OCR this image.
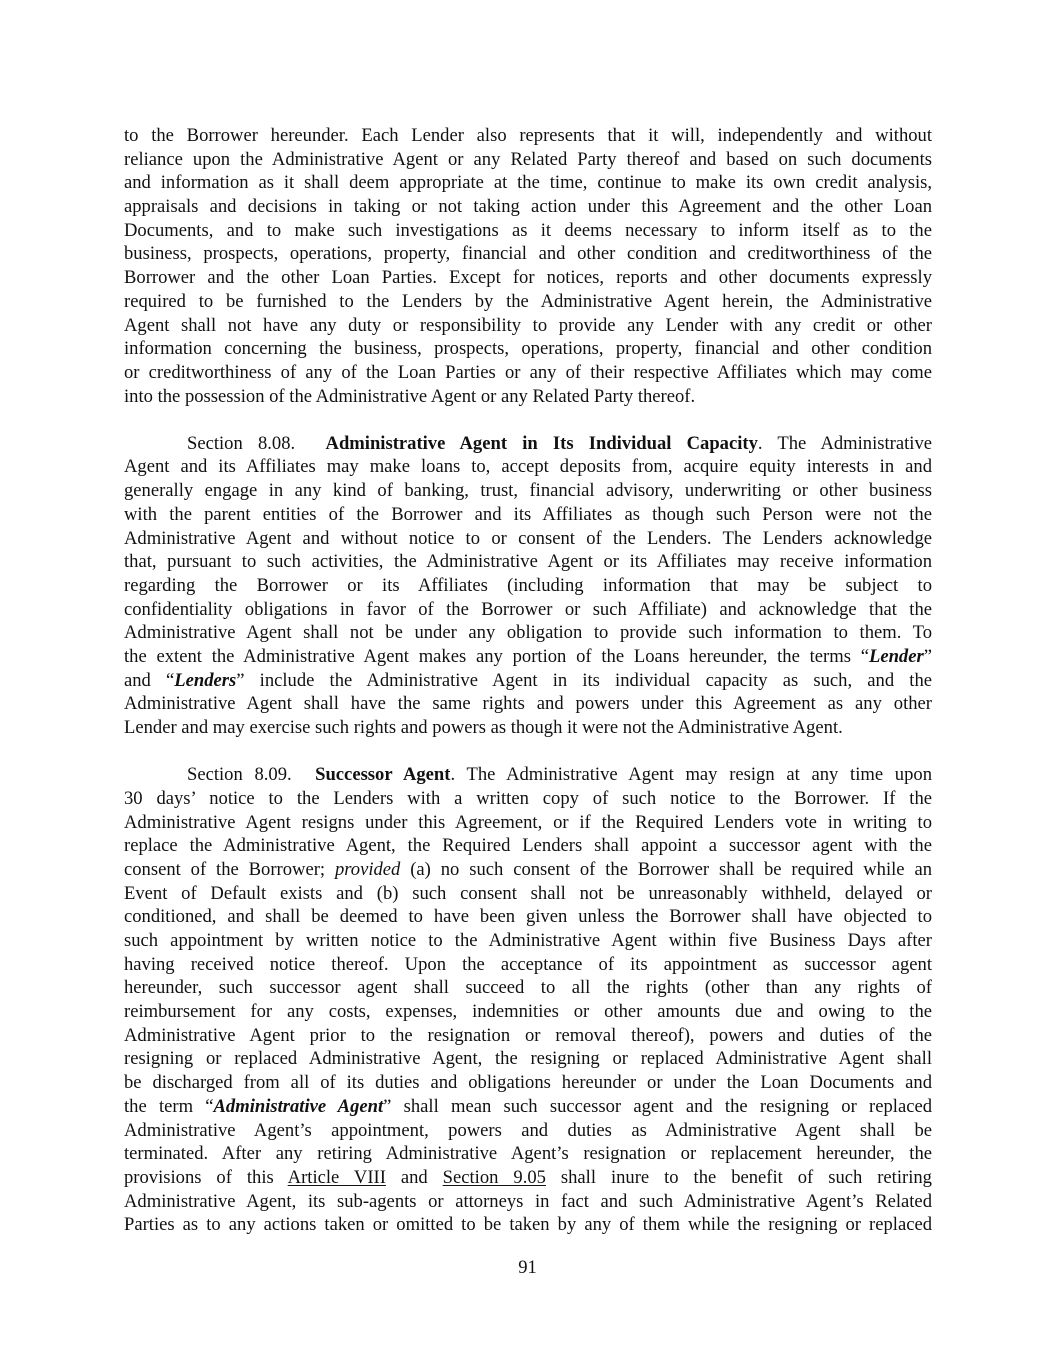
to the Borrower hereunder. Each Lender also represents that it will, independently and without
reliance upon the Administrative Agent or any Related Party thereof and based on such documents
and information as it shall deem appropriate at the time, continue to make its own credit analysis,
appraisals and decisions in taking or not taking action under this Agreement and the other Loan
Documents, and to make such investigations as it deems necessary to inform itself as to the
business, prospects, operations, property, financial and other condition and creditworthiness of the
Borrower and the other Loan Parties. Except for notices, reports and other documents expressly
required to be furnished to the Lenders by the Administrative Agent herein, the Administrative
Agent shall not have any duty or responsibility to provide any Lender with any credit or other
information concerning the business, prospects, operations, property, financial and other condition
or creditworthiness of any of the Loan Parties or any of their respective Affiliates which may come
into the possession of the Administrative Agent or any Related Party thereof.

Section 8.08. Administrative Agent in Its Individual Capacity. The Administrative
Agent and its Affiliates may make loans to, accept deposits from, acquire equity interests in and
generally engage in any kind of banking, trust, financial advisory, underwriting or other business
with the parent entities of the Borrower and its Affiliates as though such Person were not the
Administrative Agent and without notice to or consent of the Lenders. The Lenders acknowledge
that, pursuant to such activities, the Administrative Agent or its Affiliates may receive information
regarding the Borrower or its Affiliates (including information that may be subject to
confidentiality obligations in favor of the Borrower or such Affiliate) and acknowledge that the
Administrative Agent shall not be under any obligation to provide such information to them. To
the extent the Administrative Agent makes any portion of the Loans hereunder, the terms “Lender”
and “Lenders” include the Administrative Agent in its individual capacity as such, and the
Administrative Agent shall have the same rights and powers under this Agreement as any other
Lender and may exercise such rights and powers as though it were not the Administrative Agent.

Section 8.09. Successor Agent. The Administrative Agent may resign at any time upon
30 days’ notice to the Lenders with a written copy of such notice to the Borrower. If the
Administrative Agent resigns under this Agreement, or if the Required Lenders vote in writing to
replace the Administrative Agent, the Required Lenders shall appoint a successor agent with the
consent of the Borrower; provided (a) no such consent of the Borrower shall be required while an
Event of Default exists and (b) such consent shall not be unreasonably withheld, delayed or
conditioned, and shall be deemed to have been given unless the Borrower shall have objected to
such appointment by written notice to the Administrative Agent within five Business Days after
having received notice thereof. Upon the acceptance of its appointment as successor agent
hereunder, such successor agent shall succeed to all the rights (other than any rights of
reimbursement for any costs, expenses, indemnities or other amounts due and owing to the
Administrative Agent prior to the resignation or removal thereof), powers and duties of the
resigning or replaced Administrative Agent, the resigning or replaced Administrative Agent shall
be discharged from all of its duties and obligations hereunder or under the Loan Documents and
the term “Administrative Agent” shall mean such successor agent and the resigning or replaced
Administrative Agent’s appointment, powers and duties as Administrative Agent shall be
terminated. After any retiring Administrative Agent’s resignation or replacement hereunder, the
provisions of this Article VIII and Section 9.05 shall inure to the benefit of such retiring
Administrative Agent, its sub-agents or attorneys in fact and such Administrative Agent’s Related
Parties as to any actions taken or omitted to be taken by any of them while the resigning or replaced

91
